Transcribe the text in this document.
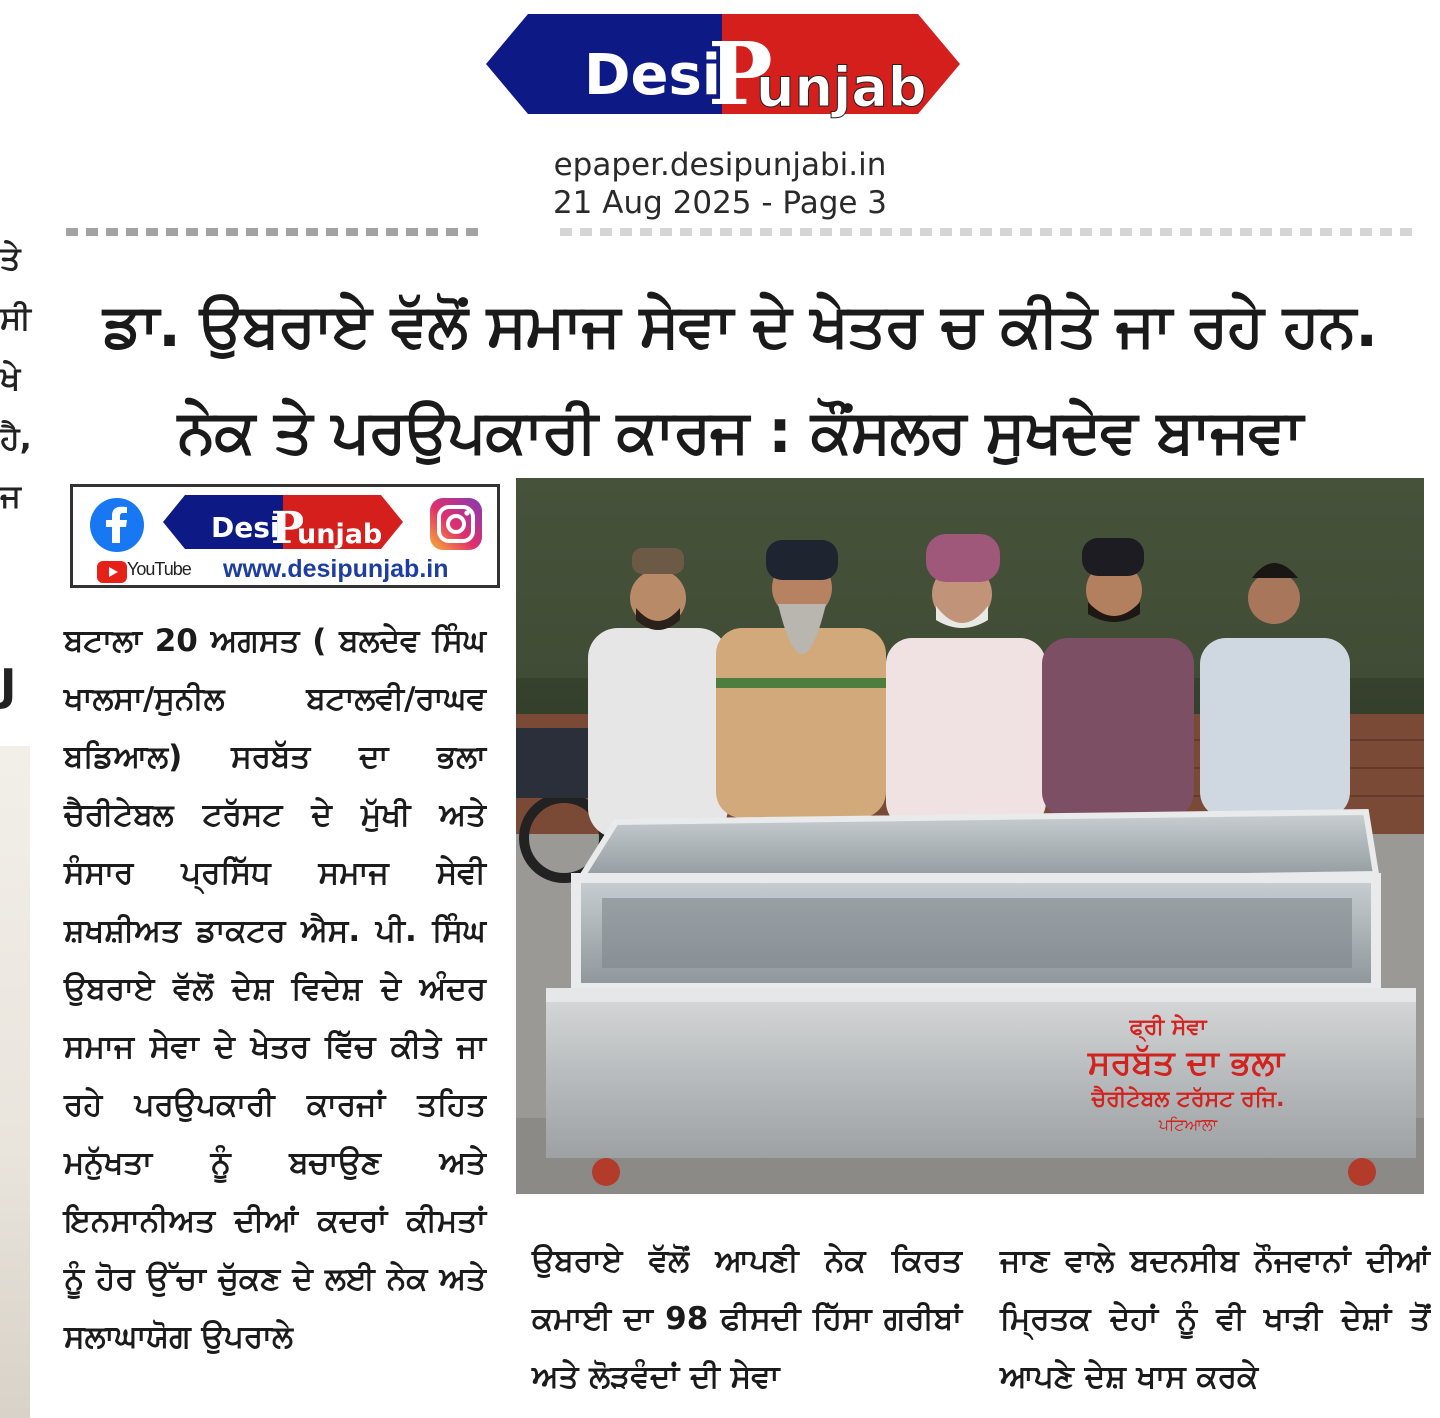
Desi
P
unjab
epaper.desipunjabi.in
21 Aug 2025 - Page 3
ਤੇ
ਸੀ
ਖੇ
ਹੈ,
ਜ
J
ਡਾ. ਉਬਰਾਏ ਵੱਲੋਂ ਸਮਾਜ ਸੇਵਾ ਦੇ ਖੇਤਰ ਚ ਕੀਤੇ ਜਾ ਰਹੇ ਹਨ.
ਨੇਕ ਤੇ ਪਰਉਪਕਾਰੀ ਕਾਰਜ : ਕੌਂਸਲਰ ਸੁਖਦੇਵ ਬਾਜਵਾ
Desi
P
unjab
YouTube www.desipunjab.in
ਬਟਾਲਾ 20 ਅਗਸਤ ( ਬਲਦੇਵ ਸਿੰਘ ਖਾਲਸਾ/ਸੁਨੀਲ ਬਟਾਲਵੀ/ਰਾਘਵ ਬਡਿਆਲ) ਸਰਬੱਤ ਦਾ ਭਲਾ ਚੈਰੀਟੇਬਲ ਟਰੱਸਟ ਦੇ ਮੁੱਖੀ ਅਤੇ ਸੰਸਾਰ ਪ੍ਰਸਿੱਧ ਸਮਾਜ ਸੇਵੀ ਸ਼ਖਸ਼ੀਅਤ ਡਾਕਟਰ ਐਸ. ਪੀ. ਸਿੰਘ ਉਬਰਾਏ ਵੱਲੋਂ ਦੇਸ਼ ਵਿਦੇਸ਼ ਦੇ ਅੰਦਰ ਸਮਾਜ ਸੇਵਾ ਦੇ ਖੇਤਰ ਵਿੱਚ ਕੀਤੇ ਜਾ ਰਹੇ ਪਰਉਪਕਾਰੀ ਕਾਰਜਾਂ ਤਹਿਤ ਮਨੁੱਖਤਾ ਨੂੰ ਬਚਾਉਣ ਅਤੇ ਇਨਸਾਨੀਅਤ ਦੀਆਂ ਕਦਰਾਂ ਕੀਮਤਾਂ ਨੂੰ ਹੋਰ ਉੱਚਾ ਚੁੱਕਣ ਦੇ ਲਈ ਨੇਕ ਅਤੇ ਸਲਾਘਾਯੋਗ ਉਪਰਾਲੇ
ਫ੍ਰੀ ਸੇਵਾ
ਸਰਬੱਤ ਦਾ ਭਲਾ
ਚੈਰੀਟੇਬਲ ਟਰੱਸਟ ਰਜਿ.
ਪਟਿਆਲਾ
ਉਬਰਾਏ ਵੱਲੋਂ ਆਪਣੀ ਨੇਕ ਕਿਰਤ ਕਮਾਈ ਦਾ 98 ਫੀਸਦੀ ਹਿੱਸਾ ਗਰੀਬਾਂ ਅਤੇ ਲੋੜਵੰਦਾਂ ਦੀ ਸੇਵਾ
ਜਾਣ ਵਾਲੇ ਬਦਨਸੀਬ ਨੌਜਵਾਨਾਂ ਦੀਆਂ ਮ੍ਰਿਤਕ ਦੇਹਾਂ ਨੂੰ ਵੀ ਖਾੜੀ ਦੇਸ਼ਾਂ ਤੋਂ ਆਪਣੇ ਦੇਸ਼ ਖਾਸ ਕਰਕੇ
